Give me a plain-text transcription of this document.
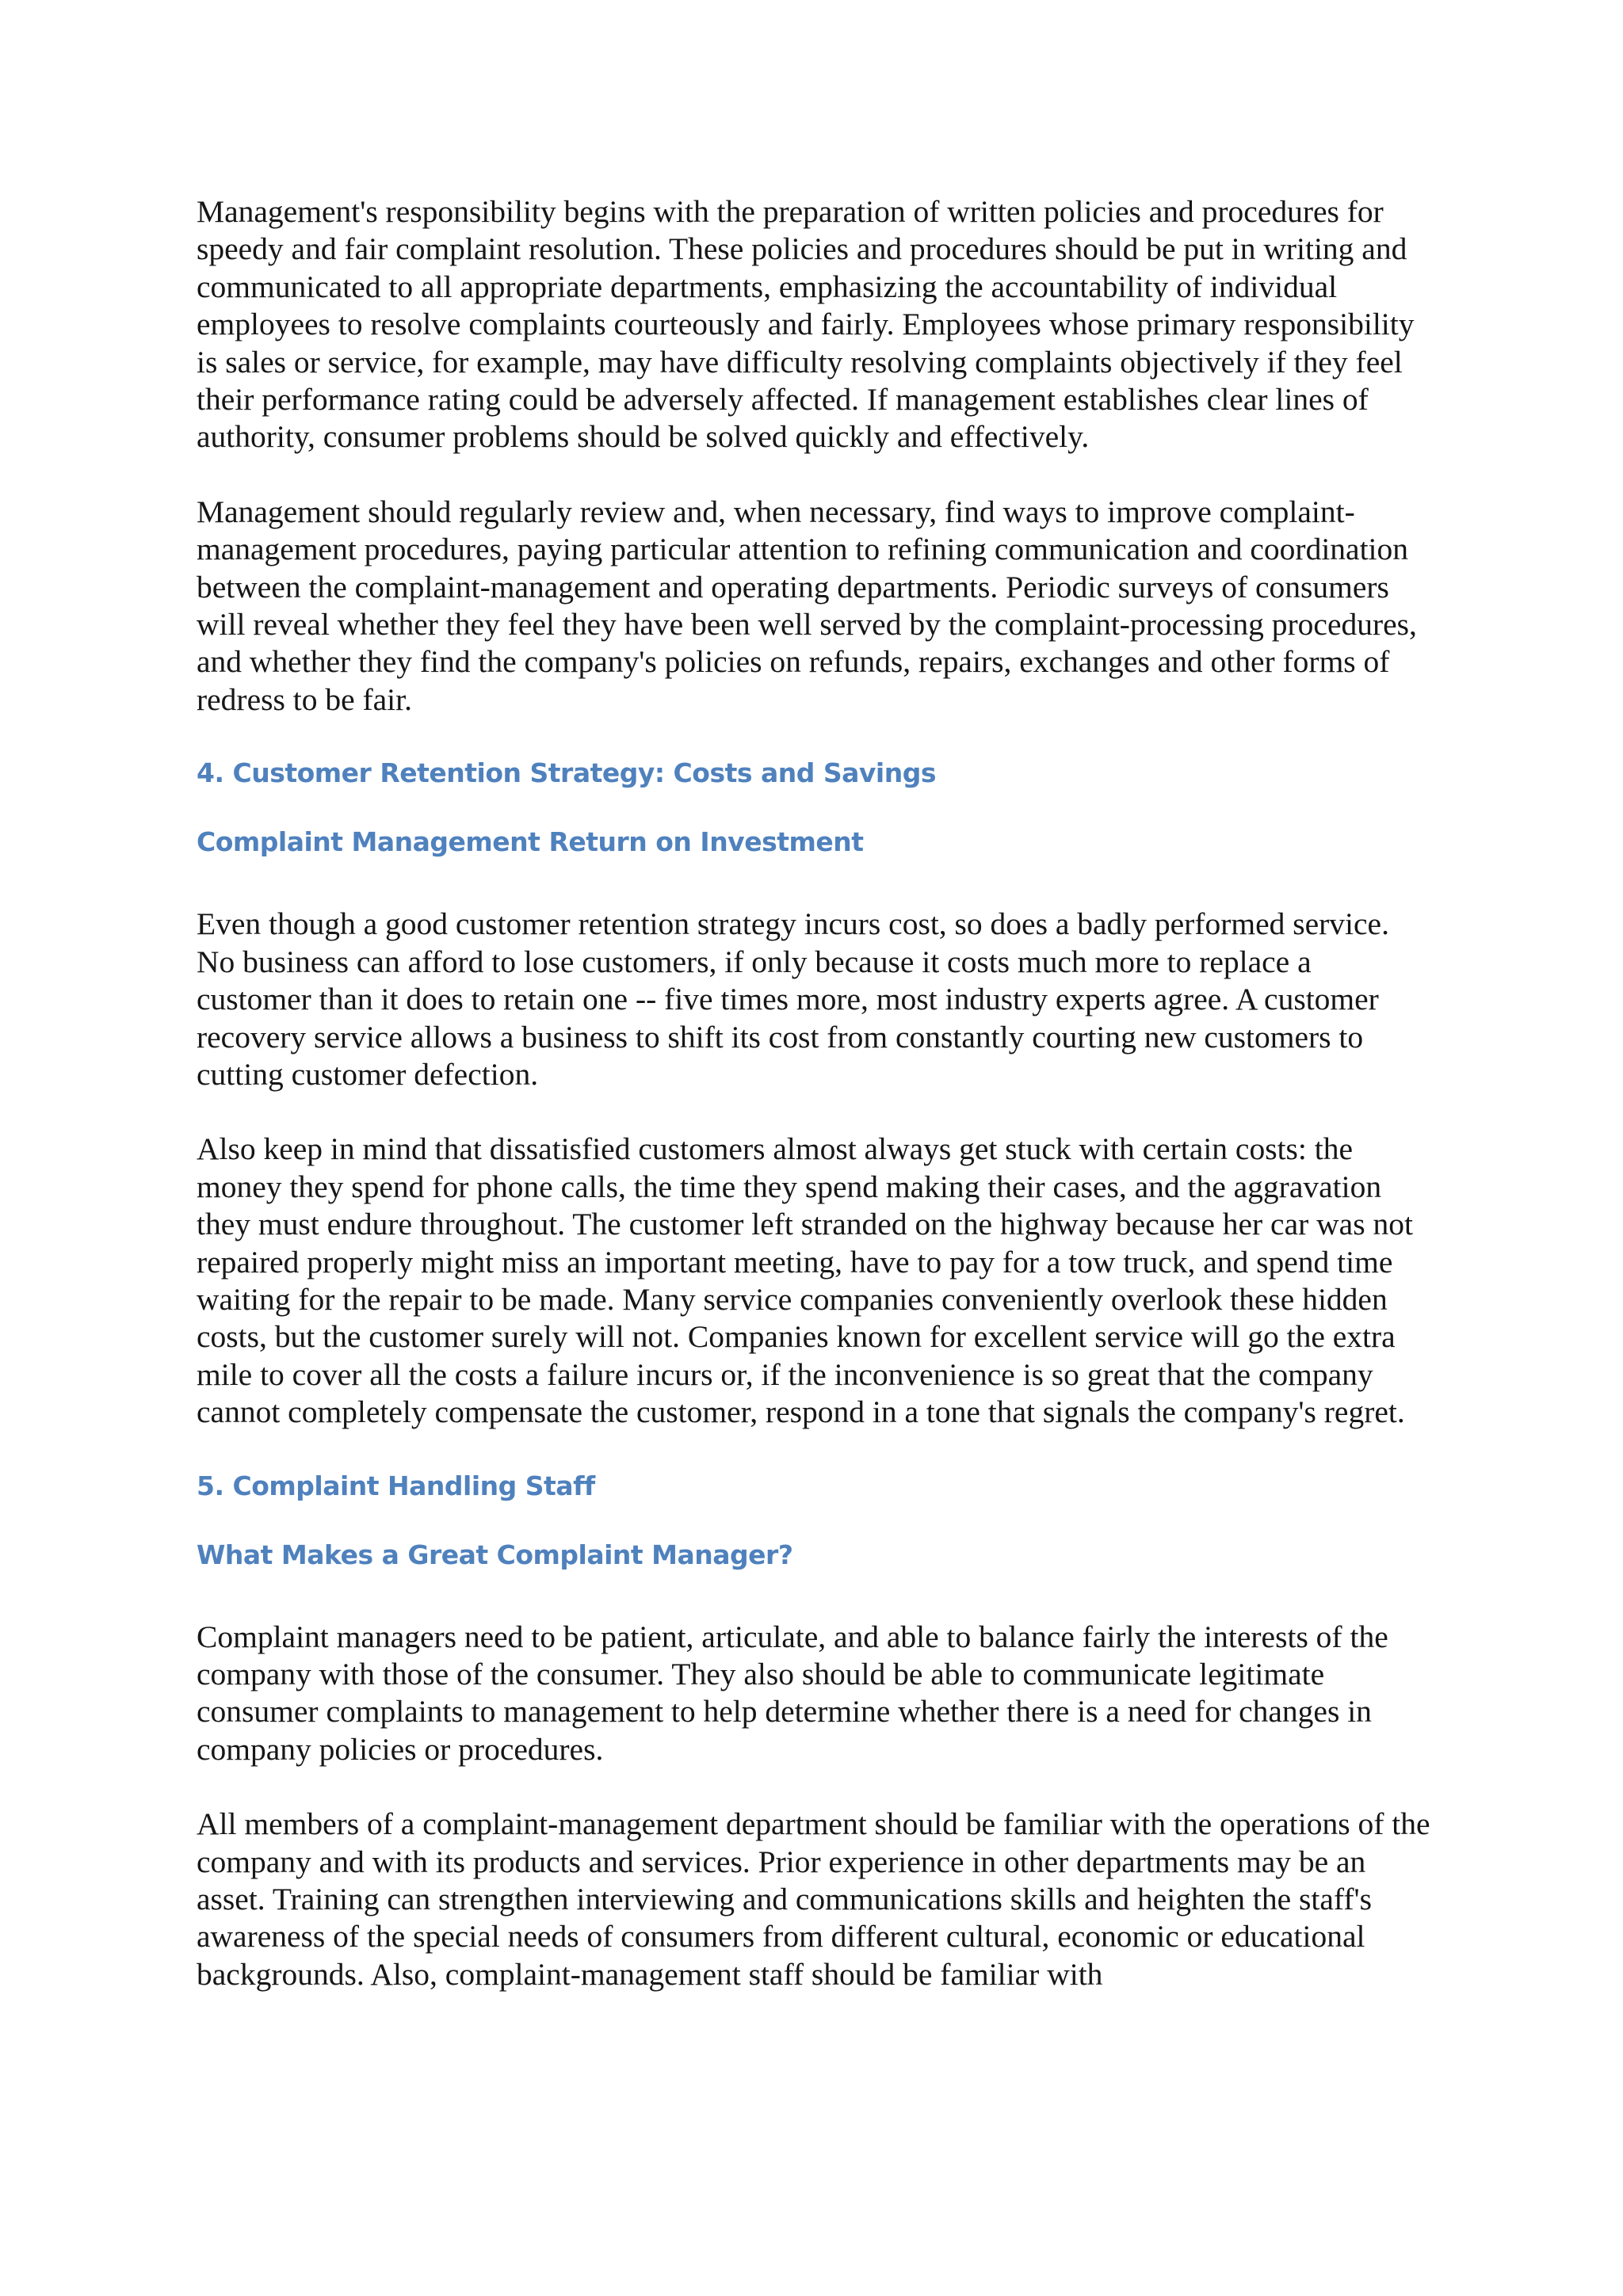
Management's responsibility begins with the preparation of written policies and procedures for speedy and fair complaint resolution. These policies and procedures should be put in writing and communicated to all appropriate departments, emphasizing the accountability of individual employees to resolve complaints courteously and fairly. Employees whose primary responsibility is sales or service, for example, may have difficulty resolving complaints objectively if they feel their performance rating could be adversely affected. If management establishes clear lines of authority, consumer problems should be solved quickly and effectively.

Management should regularly review and, when necessary, find ways to improve complaint-management procedures, paying particular attention to refining communication and coordination between the complaint-management and operating departments. Periodic surveys of consumers will reveal whether they feel they have been well served by the complaint-processing procedures, and whether they find the company's policies on refunds, repairs, exchanges and other forms of redress to be fair.

4. Customer Retention Strategy: Costs and Savings
Complaint Management Return on Investment

Even though a good customer retention strategy incurs cost, so does a badly performed service. No business can afford to lose customers, if only because it costs much more to replace a customer than it does to retain one -- five times more, most industry experts agree. A customer recovery service allows a business to shift its cost from constantly courting new customers to cutting customer defection.

Also keep in mind that dissatisfied customers almost always get stuck with certain costs: the money they spend for phone calls, the time they spend making their cases, and the aggravation they must endure throughout. The customer left stranded on the highway because her car was not repaired properly might miss an important meeting, have to pay for a tow truck, and spend time waiting for the repair to be made. Many service companies conveniently overlook these hidden costs, but the customer surely will not. Companies known for excellent service will go the extra mile to cover all the costs a failure incurs or, if the inconvenience is so great that the company cannot completely compensate the customer, respond in a tone that signals the company's regret.

5. Complaint Handling Staff
What Makes a Great Complaint Manager?

Complaint managers need to be patient, articulate, and able to balance fairly the interests of the company with those of the consumer. They also should be able to communicate legitimate consumer complaints to management to help determine whether there is a need for changes in company policies or procedures.

All members of a complaint-management department should be familiar with the operations of the company and with its products and services. Prior experience in other departments may be an asset. Training can strengthen interviewing and communications skills and heighten the staff's awareness of the special needs of consumers from different cultural, economic or educational backgrounds. Also, complaint-management staff should be familiar with
